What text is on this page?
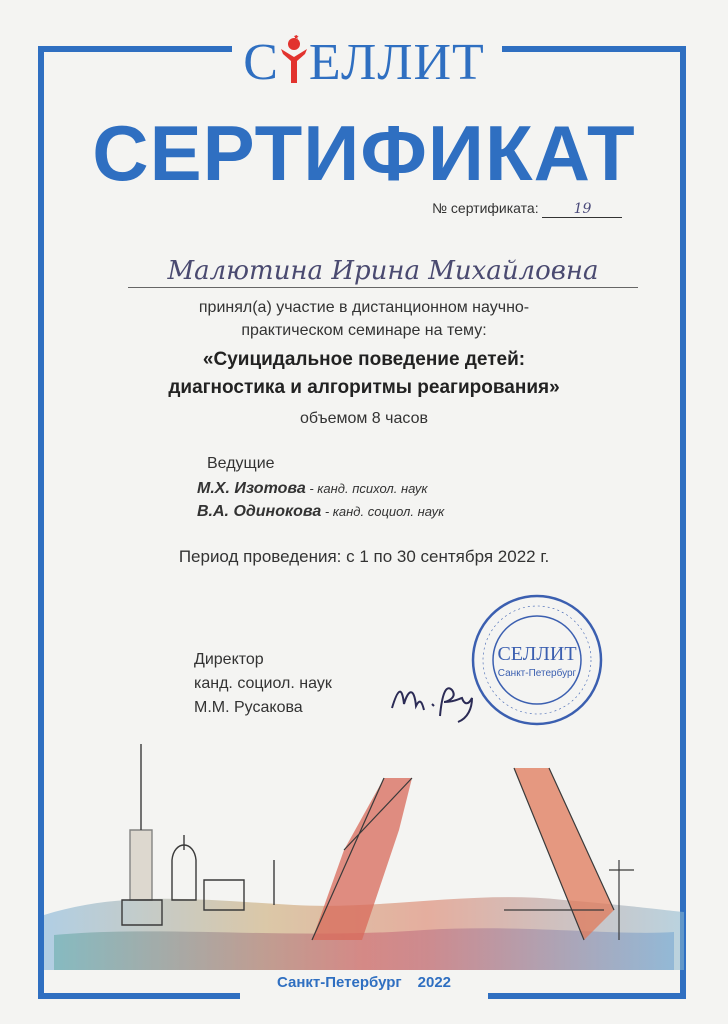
С ЕЛЛИТ
СЕРТИФИКАТ
№ сертификата: 19
Малютина Ирина Михайловна
принял(а) участие в дистанционном научно-
практическом семинаре на тему:
«Суицидальное поведение детей:
диагностика и алгоритмы реагирования»
объемом 8 часов
Ведущие
М.Х. Изотова - канд. психол. наук
В.А. Одинокова - канд. социол. наук
Период проведения: с 1 по 30 сентября 2022 г.
Директор
канд. социол. наук
М.М. Русакова
СЕЛЛИТ
Санкт-Петербург
Санкт-Петербург 2022
